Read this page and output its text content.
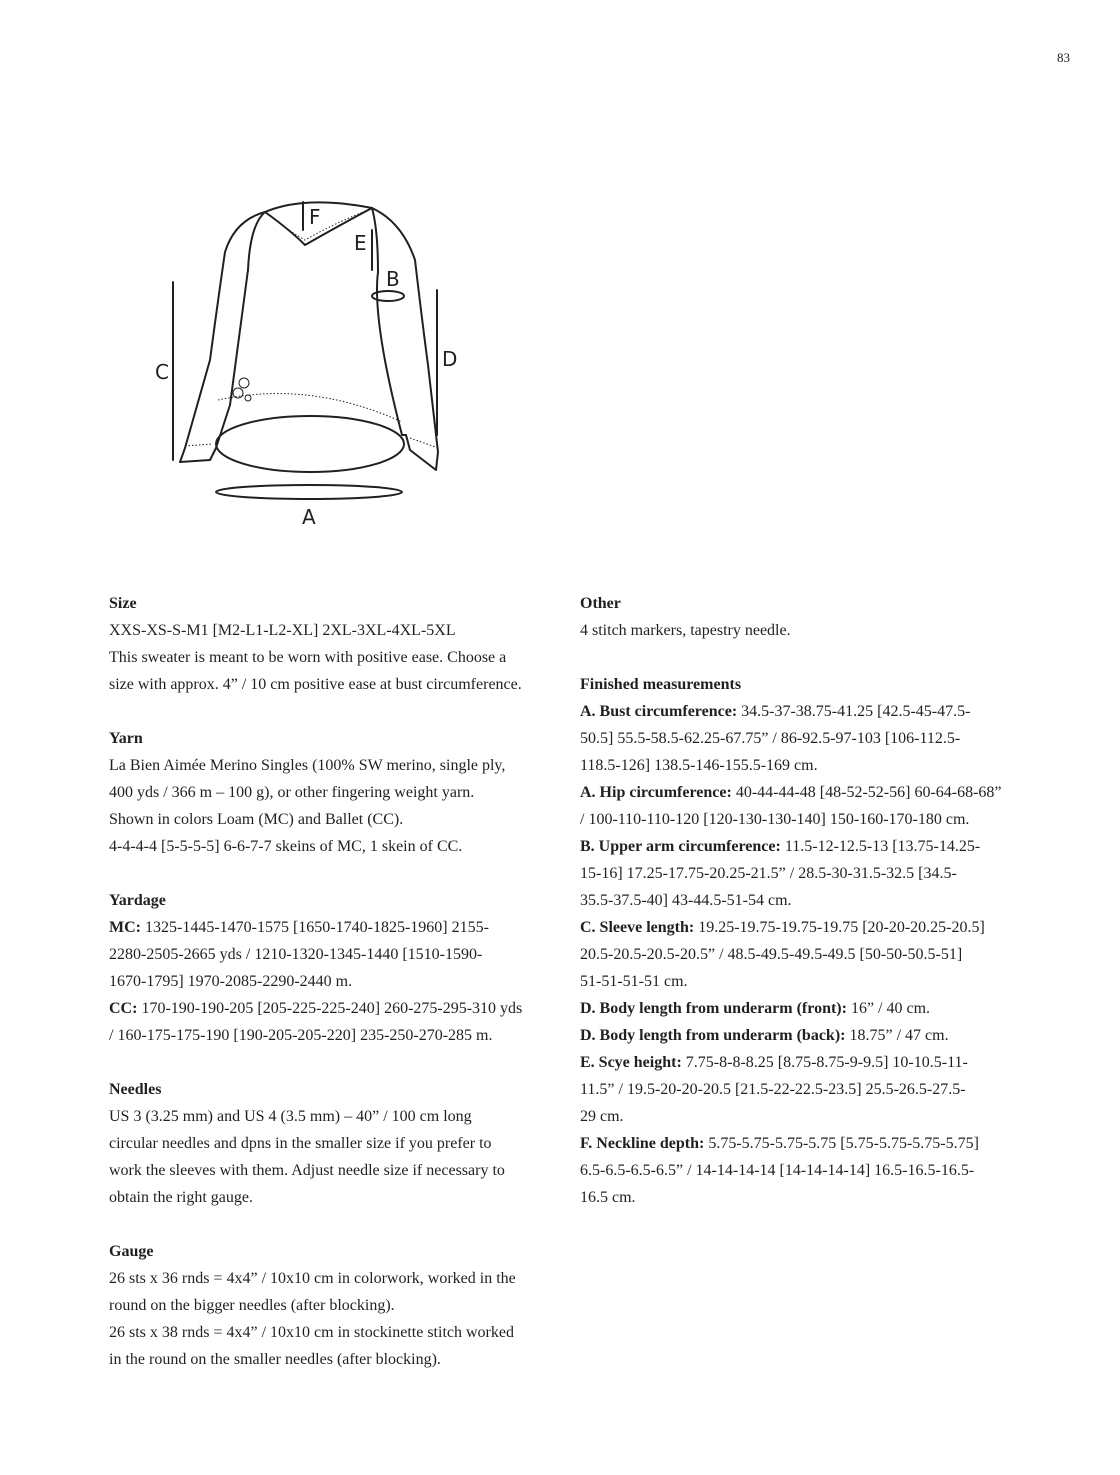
83
F
E
B
C
D
A
Size
XXS-XS-S-M1 [M2-L1-L2-XL] 2XL-3XL-4XL-5XL
This sweater is meant to be worn with positive ease. Choose a
size with approx. 4” / 10 cm positive ease at bust circumference.
Yarn
La Bien Aimée Merino Singles (100% SW merino, single ply,
400 yds / 366 m – 100 g), or other fingering weight yarn.
Shown in colors Loam (MC) and Ballet (CC).
4-4-4-4 [5-5-5-5] 6-6-7-7 skeins of MC, 1 skein of CC.
Yardage
MC: 1325-1445-1470-1575 [1650-1740-1825-1960] 2155-
2280-2505-2665 yds / 1210-1320-1345-1440 [1510-1590-
1670-1795] 1970-2085-2290-2440 m.
CC: 170-190-190-205 [205-225-225-240] 260-275-295-310 yds
/ 160-175-175-190 [190-205-205-220] 235-250-270-285 m.
Needles
US 3 (3.25 mm) and US 4 (3.5 mm) – 40” / 100 cm long
circular needles and dpns in the smaller size if you prefer to
work the sleeves with them. Adjust needle size if necessary to
obtain the right gauge.
Gauge
26 sts x 36 rnds = 4x4” / 10x10 cm in colorwork, worked in the
round on the bigger needles (after blocking).
26 sts x 38 rnds = 4x4” / 10x10 cm in stockinette stitch worked
in the round on the smaller needles (after blocking).
Other
4 stitch markers, tapestry needle.
Finished measurements
A. Bust circumference: 34.5-37-38.75-41.25 [42.5-45-47.5-
50.5] 55.5-58.5-62.25-67.75” / 86-92.5-97-103 [106-112.5-
118.5-126] 138.5-146-155.5-169 cm.
A. Hip circumference: 40-44-44-48 [48-52-52-56] 60-64-68-68”
/ 100-110-110-120 [120-130-130-140] 150-160-170-180 cm.
B. Upper arm circumference: 11.5-12-12.5-13 [13.75-14.25-
15-16] 17.25-17.75-20.25-21.5” / 28.5-30-31.5-32.5 [34.5-
35.5-37.5-40] 43-44.5-51-54 cm.
C. Sleeve length: 19.25-19.75-19.75-19.75 [20-20-20.25-20.5]
20.5-20.5-20.5-20.5” / 48.5-49.5-49.5-49.5 [50-50-50.5-51]
51-51-51-51 cm.
D. Body length from underarm (front): 16” / 40 cm.
D. Body length from underarm (back): 18.75” / 47 cm.
E. Scye height: 7.75-8-8-8.25 [8.75-8.75-9-9.5] 10-10.5-11-
11.5” / 19.5-20-20-20.5 [21.5-22-22.5-23.5] 25.5-26.5-27.5-
29 cm.
F. Neckline depth: 5.75-5.75-5.75-5.75 [5.75-5.75-5.75-5.75]
6.5-6.5-6.5-6.5” / 14-14-14-14 [14-14-14-14] 16.5-16.5-16.5-
16.5 cm.
